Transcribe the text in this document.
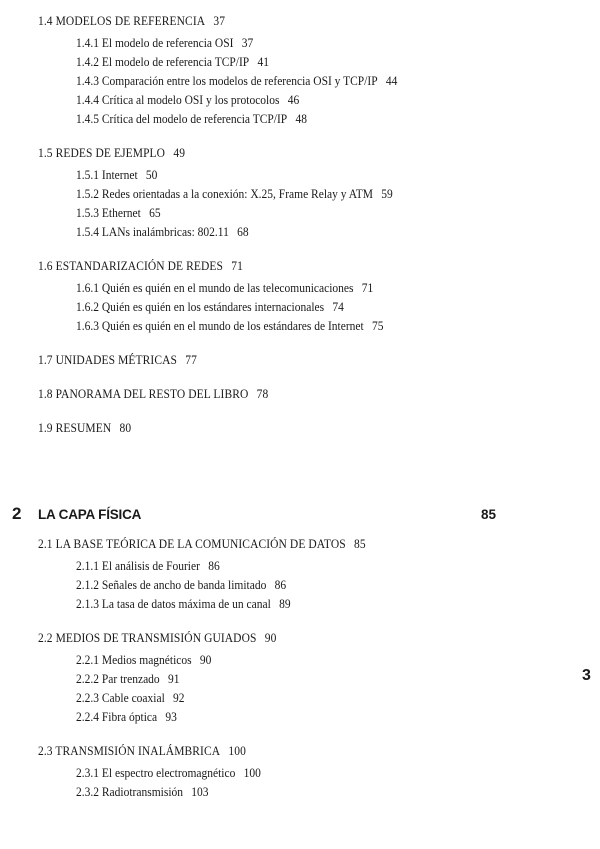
1.4 MODELOS DE REFERENCIA 37
1.4.1 El modelo de referencia OSI 37
1.4.2 El modelo de referencia TCP/IP 41
1.4.3 Comparación entre los modelos de referencia OSI y TCP/IP 44
1.4.4 Crítica al modelo OSI y los protocolos 46
1.4.5 Crítica del modelo de referencia TCP/IP 48
1.5 REDES DE EJEMPLO 49
1.5.1 Internet 50
1.5.2 Redes orientadas a la conexión: X.25, Frame Relay y ATM 59
1.5.3 Ethernet 65
1.5.4 LANs inalámbricas: 802.11 68
1.6 ESTANDARIZACIÓN DE REDES 71
1.6.1 Quién es quién en el mundo de las telecomunicaciones 71
1.6.2 Quién es quién en los estándares internacionales 74
1.6.3 Quién es quién en el mundo de los estándares de Internet 75
1.7 UNIDADES MÉTRICAS 77
1.8 PANORAMA DEL RESTO DEL LIBRO 78
1.9 RESUMEN 80
2.1 LA BASE TEÓRICA DE LA COMUNICACIÓN DE DATOS 85
2.1.1 El análisis de Fourier 86
2.1.2 Señales de ancho de banda limitado 86
2.1.3 La tasa de datos máxima de un canal 89
2.2 MEDIOS DE TRANSMISIÓN GUIADOS 90
2.2.1 Medios magnéticos 90
2.2.2 Par trenzado 91
2.2.3 Cable coaxial 92
2.2.4 Fibra óptica 93
2.3 TRANSMISIÓN INALÁMBRICA 100
2.3.1 El espectro electromagnético 100
2.3.2 Radiotransmisión 103
2 LA CAPA FÍSICA	85
3
